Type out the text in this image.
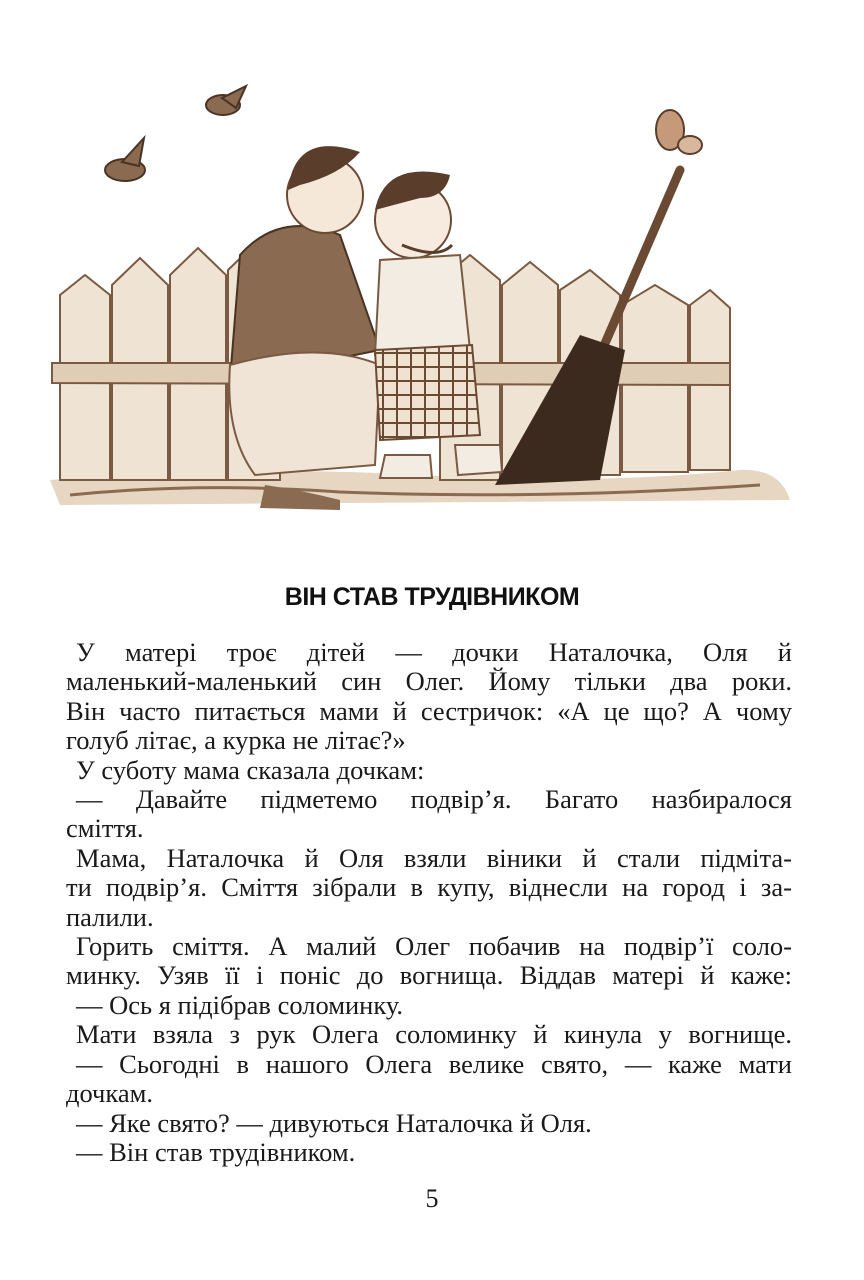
ВІН СТАВ ТРУДІВНИКОМ
У матері троє дітей — дочки Наталочка, Оля й
маленький-маленький син Олег. Йому тільки два роки.
Він часто питається мами й сестричок: «А це що? А чому
голуб літає, а курка не літає?»
У суботу мама сказала дочкам:
— Давайте підметемо подвір’я. Багато назбиралося
сміття.
Мама, Наталочка й Оля взяли віники й стали підміта-
ти подвір’я. Сміття зібрали в купу, віднесли на город і за-
палили.
Горить сміття. А малий Олег побачив на подвір’ї соло-
минку. Узяв її і поніс до вогнища. Віддав матері й каже:
— Ось я підібрав соломинку.
Мати взяла з рук Олега соломинку й кинула у вогнище.
— Сьогодні в нашого Олега велике свято, — каже мати
дочкам.
— Яке свято? — дивуються Наталочка й Оля.
— Він став трудівником.
5
